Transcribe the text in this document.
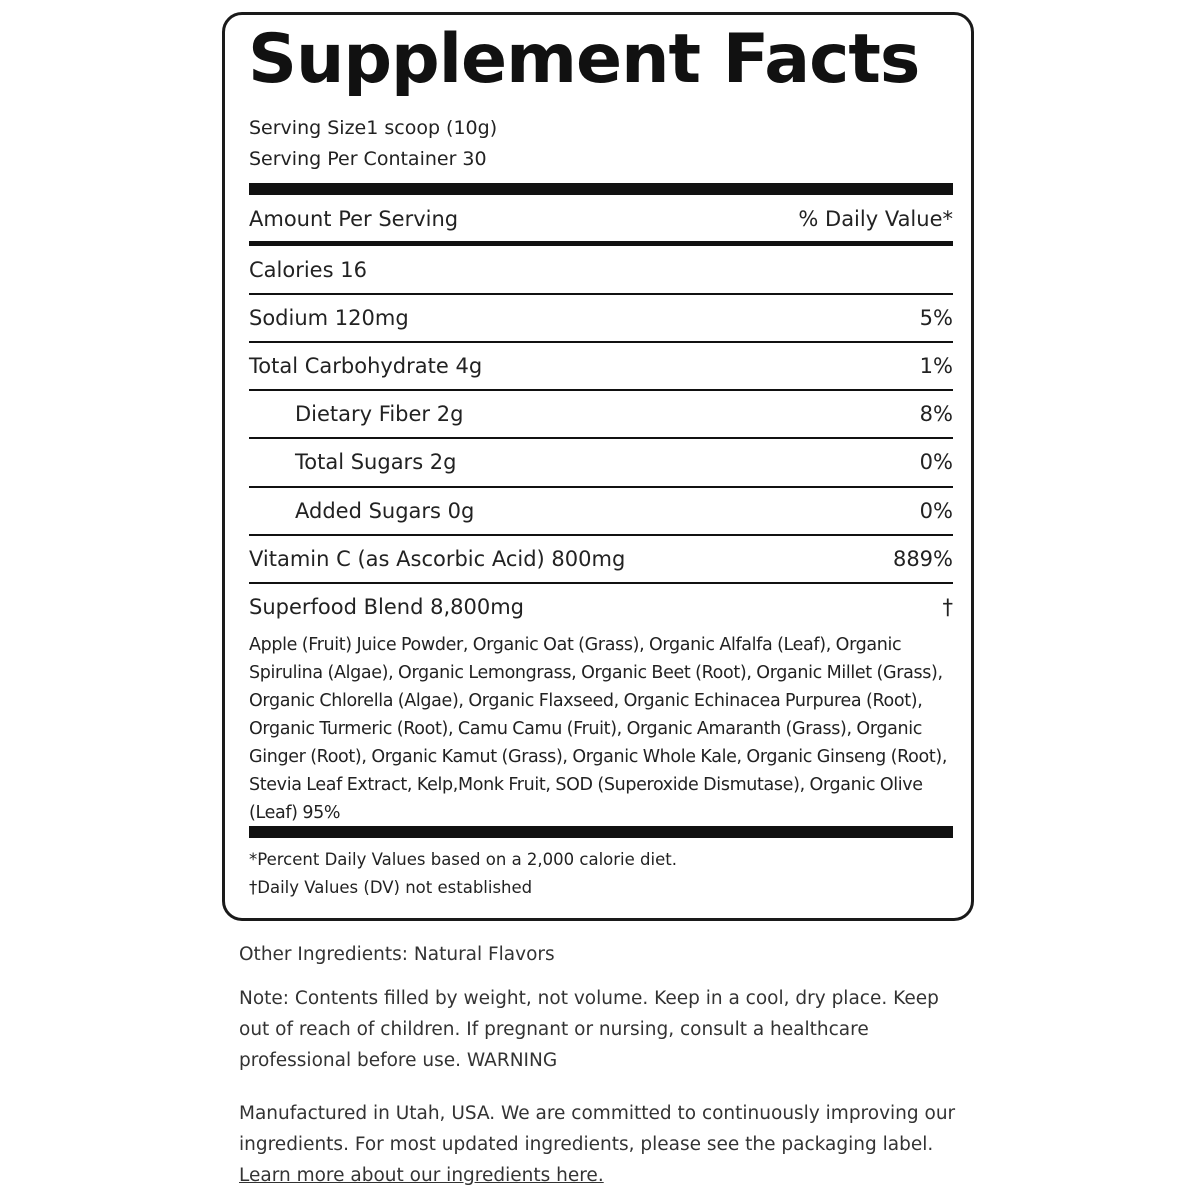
Supplement Facts
Serving Size1 scoop (10g)
Serving Per Container 30
Amount Per Serving	% Daily Value*
Calories 16
Sodium 120mg	5%
Total Carbohydrate 4g	1%
Dietary Fiber 2g	8%
Total Sugars 2g	0%
Added Sugars 0g	0%
Vitamin C (as Ascorbic Acid) 800mg	889%
Superfood Blend 8,800mg	†
Apple (Fruit) Juice Powder, Organic Oat (Grass), Organic Alfalfa (Leaf), Organic Spirulina (Algae), Organic Lemongrass, Organic Beet (Root), Organic Millet (Grass), Organic Chlorella (Algae), Organic Flaxseed, Organic Echinacea Purpurea (Root), Organic Turmeric (Root), Camu Camu (Fruit), Organic Amaranth (Grass), Organic Ginger (Root), Organic Kamut (Grass), Organic Whole Kale, Organic Ginseng (Root), Stevia Leaf Extract, Kelp,Monk Fruit, SOD (Superoxide Dismutase), Organic Olive (Leaf) 95%
*Percent Daily Values based on a 2,000 calorie diet.
†Daily Values (DV) not established
Other Ingredients: Natural Flavors
Note: Contents filled by weight, not volume. Keep in a cool, dry place. Keep out of reach of children. If pregnant or nursing, consult a healthcare professional before use. WARNING
Manufactured in Utah, USA. We are committed to continuously improving our ingredients. For most updated ingredients, please see the packaging label. Learn more about our ingredients here.
